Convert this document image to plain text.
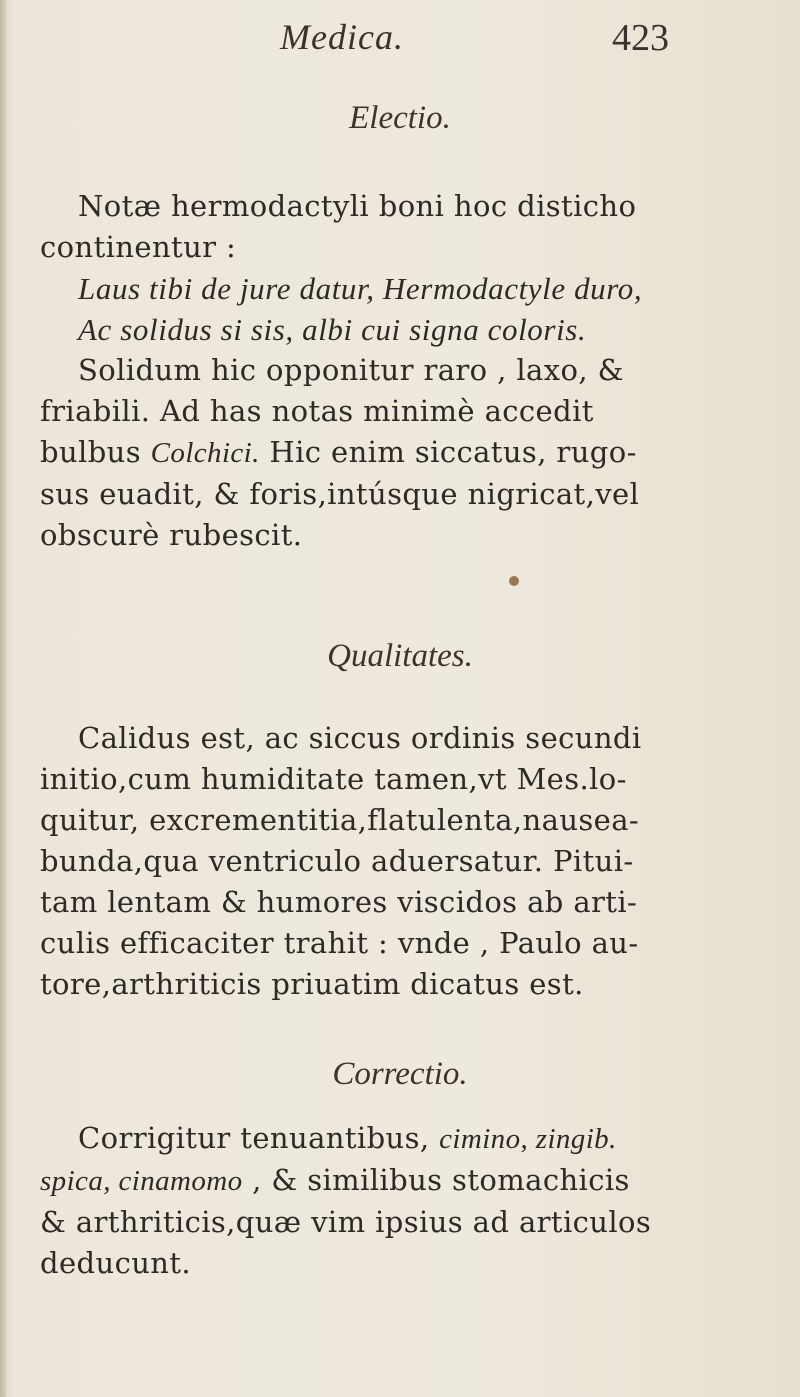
Medica.	423
Electio.
Notæ hermodactyli boni hoc disticho
continentur :
Laus tibi de jure datur, Hermodactyle duro,
Ac solidus si sis, albi cui signa coloris.
Solidum hic opponitur raro , laxo, &
friabili. Ad has notas minimè accedit
bulbus Colchici. Hic enim siccatus, rugo-
sus euadit, & foris,intúsque nigricat,vel
obscurè rubescit.
Qualitates.
Calidus est, ac siccus ordinis secundi
initio,cum humiditate tamen,vt Mes.lo-
quitur, excrementitia,flatulenta,nausea-
bunda,qua ventriculo aduersatur. Pitui-
tam lentam & humores viscidos ab arti-
culis efficaciter trahit : vnde , Paulo au-
tore,arthriticis priuatim dicatus est.
Correctio.
Corrigitur tenuantibus, cimino, zingib.
spica, cinamomo , & similibus stomachicis
& arthriticis,quæ vim ipsius ad articulos
deducunt.
